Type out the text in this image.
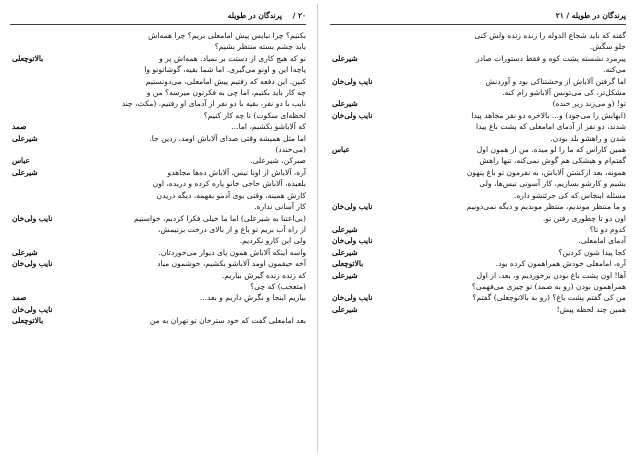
پرندگان در طویله / ۲۱
گفته که باید شجاع الدوله را زنده زنده ولش کنی
جلو سگش.
پیرمرد نشسته پشت کوه و فقط دستورات صادر
شیرعلی
می‌کنه.
اما گرفتن آلاباش از وحشتناکی بود و آوردنش
نایب ولی‌خان
مشکل‌تر، کی می‌تونس آلاباشو رام کنه.
تو! (و می‌زند زیر خنده)
شیرعلی
(ابهایش را می‌جود) و... بالاخره دو نفر مجاهد پیدا
نایب ولی‌خان
شدند، دو نفر از آدمای امامعلی که پشت باغ پیدا
شدن و راهشو بلد بودن.
همین کاراس که ما را لو میده. من از همون اول
عباس
گفتم‌ام و هیشکی هم گوش نمی‌کنه، تنها راهش
همونه، بعد ازکشتن آلاباش، به نفرمون تو باغ پنهون
بشیم و کارشو بسازیم، کار آسونی نیس‌ها، ولی
مسئله اینجاس که کی جرئتشو داره.
و ما منتظر موندیم، منتظر موندیم و دیگه نمی‌دونیم
نایب ولی‌خان
اون دو تا چطوری رفتن تو.
کدوم دو تا؟
شیرعلی
آدمای امامعلی.
نایب ولی‌خان
کجا پیدا شون کردین؟
شیرعلی
آره، امامعلی خودش همراهمون کرده بود.
بالاتوچعلی
آها! اون پشت باغ بودن برخوردیم و، بعد، از اول
شیرعلی
همراهمون بودن (رو به صمد) تو چیزی می‌فهمی؟
من کی گفتم پشت باغ؟ (رو به بالاتوچعلی) گفتم؟
نایب ولی‌خان
همین چند لحظه پیش!
شیرعلی
۲۰ /
پرندگان در طویله
بکنیم؟ چرا نبایس پیش امامعلی بریم؟ چرا همه‌اش
باید چشم بسته منتظر بشیم؟
تو که هیچ کاری از دستت بر نمیاد. همه‌اش پر و
بالاتوچعلی
پاچه‌ا این و اونو می‌گیری. اما شما بقیه، گوشاتونو وا
کنین. این دفعه که رفتیم پیش امامعلی، می‌دونستیم
چه کار باید بکنیم، اما چی به فکرتون میرسه؟ من و
نایب با دو نفر، بقیه با دو نفر از آدمای او رفتیم. (مکث، چند
لحظه‌ای سکوت) تا چه کار کنیم؟
که آلاباشو بکشیم، اما...
صمد
اما مثل همیشه وقتی صدای آلاباش اومد، زدین جا.
شیرعلی
(می‌خندد)
صبرکن، شیرعلی.
عباس
آره، آلاباش از اونا نیس، آلاباش ده‌ها مجاهدو
شیرعلی
بلعیده، آلاباش حاجی خانو پاره کرده و دریده، اون
کارش همینه، وقتی بوی آدمو بفهمه، دیگه دریدن
کار آسانی نداره.
(بی‌اعتنا به شیرعلی) اما ما خیلی فکرا کردیم، خواستیم
نایب ولی‌خان
از راه آب بریم تو باغ و از بالای درخت بزنیمش،
ولی این کارو نکردیم.
واسه اینکه آلاباش همون پای دیوار می‌خوردتان.
شیرعلی
آخه حیفمون اومد آلاباشو بکشیم، خوشمون میاد
نایب ولی‌خان
که زنده زنده گیرش بیاریم.
(متعجب) که چی؟
بیاریم اینجا و نگرش داریم و بعد...
صمد
نایب ولی‌خان
بعد امامعلی گفت که خود سترخان تو تهران به من
بالاتوچعلی
